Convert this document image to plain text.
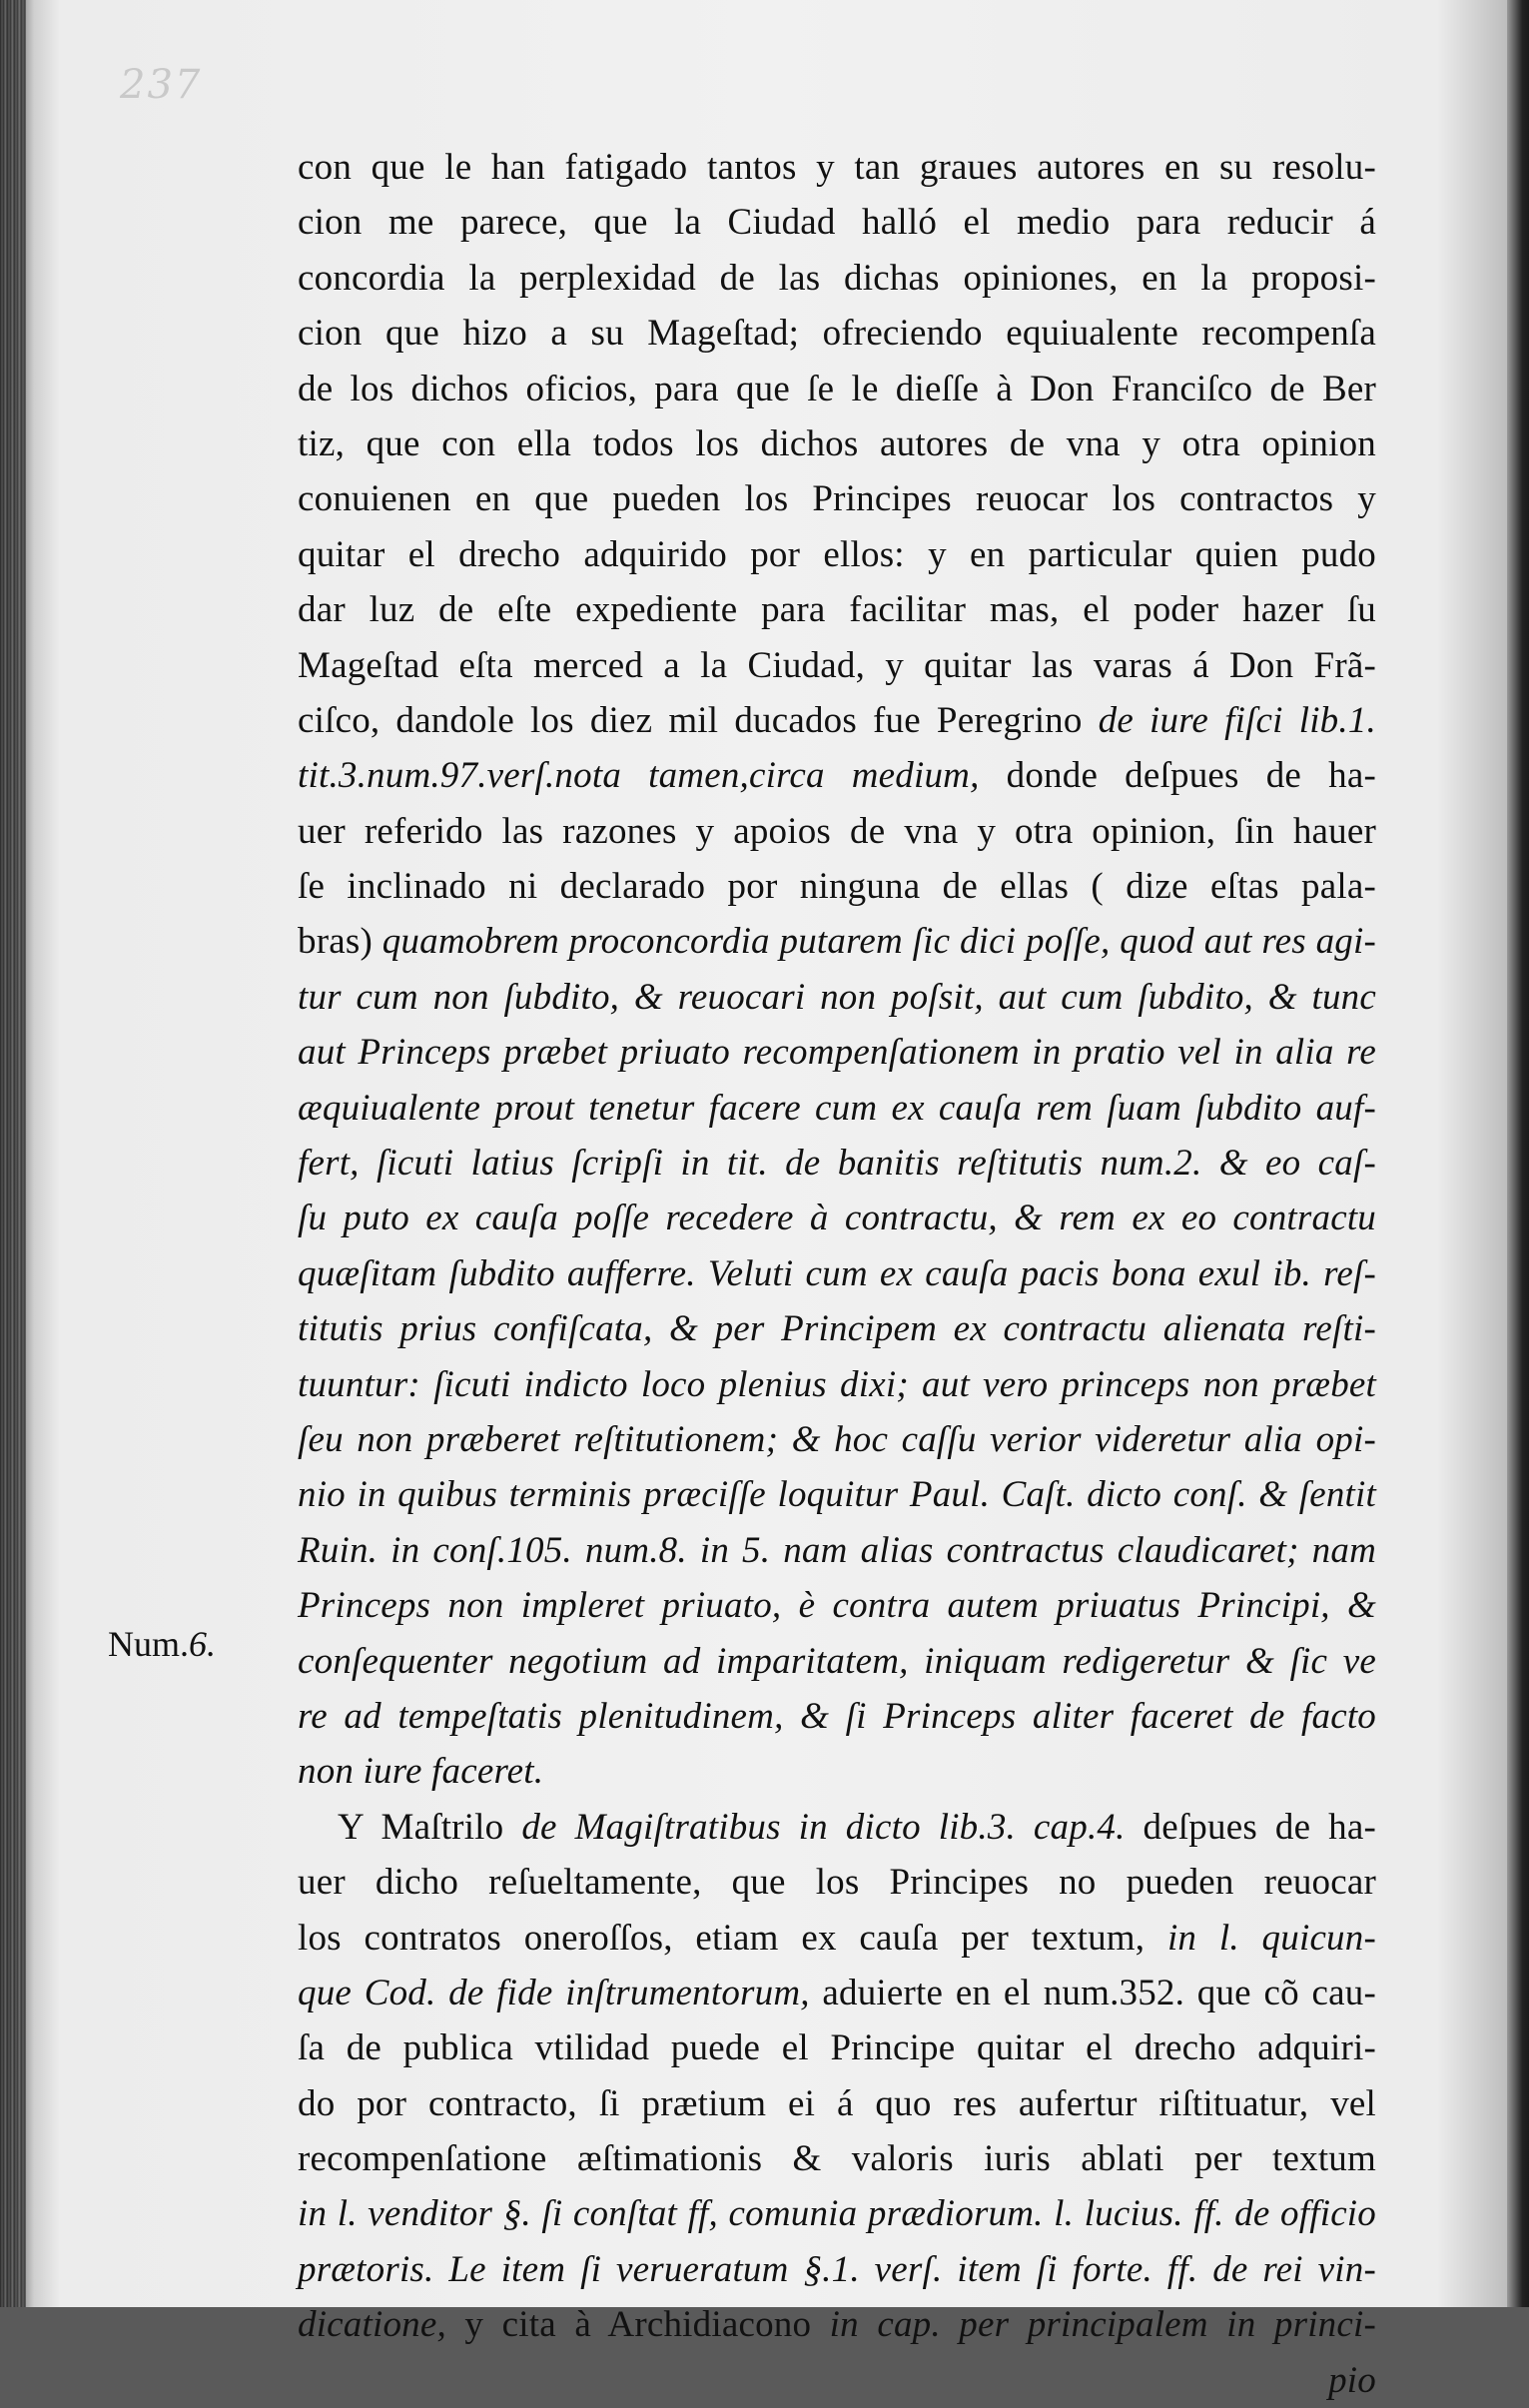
237
Num.6.
con que le han fatigado tantos y tan graues autores en su resolu-
cion me parece, que la Ciudad halló el medio para reducir á
concordia la perplexidad de las dichas opiniones, en la proposi-
cion que hizo a su Mageſtad; ofreciendo equiualente recompenſa
de los dichos oficios, para que ſe le dieſſe à Don Franciſco de Ber
tiz, que con ella todos los dichos autores de vna y otra opinion
conuienen en que pueden los Principes reuocar los contractos y
quitar el drecho adquirido por ellos: y en particular quien pudo
dar luz de eſte expediente para facilitar mas, el poder hazer ſu
Mageſtad eſta merced a la Ciudad, y quitar las varas á Don Frã-
ciſco, dandole los diez mil ducados fue Peregrino de iure fiſci lib.1.
tit.3.num.97.verſ.nota tamen,circa medium, donde deſpues de ha-
uer referido las razones y apoios de vna y otra opinion, ſin hauer
ſe inclinado ni declarado por ninguna de ellas ( dize eſtas pala-
bras) quamobrem proconcordia putarem ſic dici poſſe, quod aut res agi-
tur cum non ſubdito, & reuocari non poſsit, aut cum ſubdito, & tunc
aut Princeps præbet priuato recompenſationem in pratio vel in alia re
æquiualente prout tenetur facere cum ex cauſa rem ſuam ſubdito auf-
fert, ſicuti latius ſcripſi in tit. de banitis reſtitutis num.2. & eo caſ-
ſu puto ex cauſa poſſe recedere à contractu, & rem ex eo contractu
quæſitam ſubdito aufferre. Veluti cum ex cauſa pacis bona exul ib. reſ-
titutis prius confiſcata, & per Principem ex contractu alienata reſti-
tuuntur: ſicuti indicto loco plenius dixi; aut vero princeps non præbet
ſeu non præberet reſtitutionem; & hoc caſſu verior videretur alia opi-
nio in quibus terminis præciſſe loquitur Paul. Caſt. dicto conſ. & ſentit
Ruin. in conſ.105. num.8. in 5. nam alias contractus claudicaret; nam
Princeps non impleret priuato, è contra autem priuatus Principi, &
conſequenter negotium ad imparitatem, iniquam redigeretur & ſic ve
re ad tempeſtatis plenitudinem, & ſi Princeps aliter faceret de facto
non iure faceret.
Y Maſtrilo de Magiſtratibus in dicto lib.3. cap.4. deſpues de ha-
uer dicho reſueltamente, que los Principes no pueden reuocar
los contratos oneroſſos, etiam ex cauſa per textum, in l. quicun-
que Cod. de fide inſtrumentorum, aduierte en el num.352. que cõ cau-
ſa de publica vtilidad puede el Principe quitar el drecho adquiri-
do por contracto, ſi prætium ei á quo res aufertur riſtituatur, vel
recompenſatione æſtimationis & valoris iuris ablati per textum
in l. venditor §. ſi conſtat ff, comunia prædiorum. l. lucius. ff. de officio
prætoris. Le item ſi verueratum §.1. verſ. item ſi forte. ff. de rei vin-
dicatione, y cita à Archidiacono in cap. per principalem in princi-
pio
